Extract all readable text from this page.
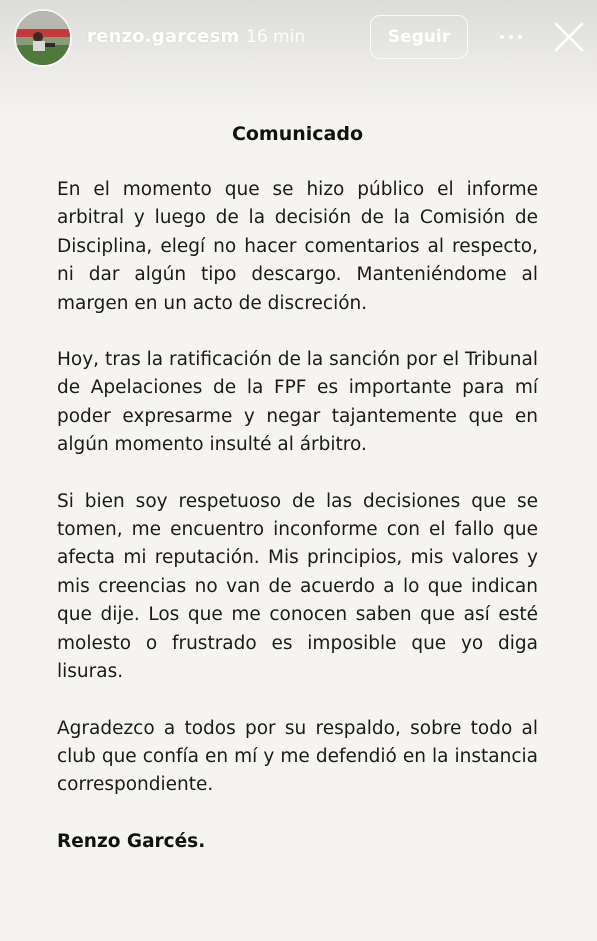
renzo.garcesm 16 min	Seguir
Comunicado

En el momento que se hizo público el informe arbitral y luego de la decisión de la Comisión de Disciplina, elegí no hacer comentarios al respecto, ni dar algún tipo descargo. Manteniéndome al margen en un acto de discreción.

Hoy, tras la ratificación de la sanción por el Tribunal de Apelaciones de la FPF es importante para mí poder expresarme y negar tajantemente que en algún momento insulté al árbitro.

Si bien soy respetuoso de las decisiones que se tomen, me encuentro inconforme con el fallo que afecta mi reputación. Mis principios, mis valores y mis creencias no van de acuerdo a lo que indican que dije. Los que me conocen saben que así esté molesto o frustrado es imposible que yo diga lisuras.

Agradezco a todos por su respaldo, sobre todo al club que confía en mí y me defendió en la instancia correspondiente.

Renzo Garcés.
